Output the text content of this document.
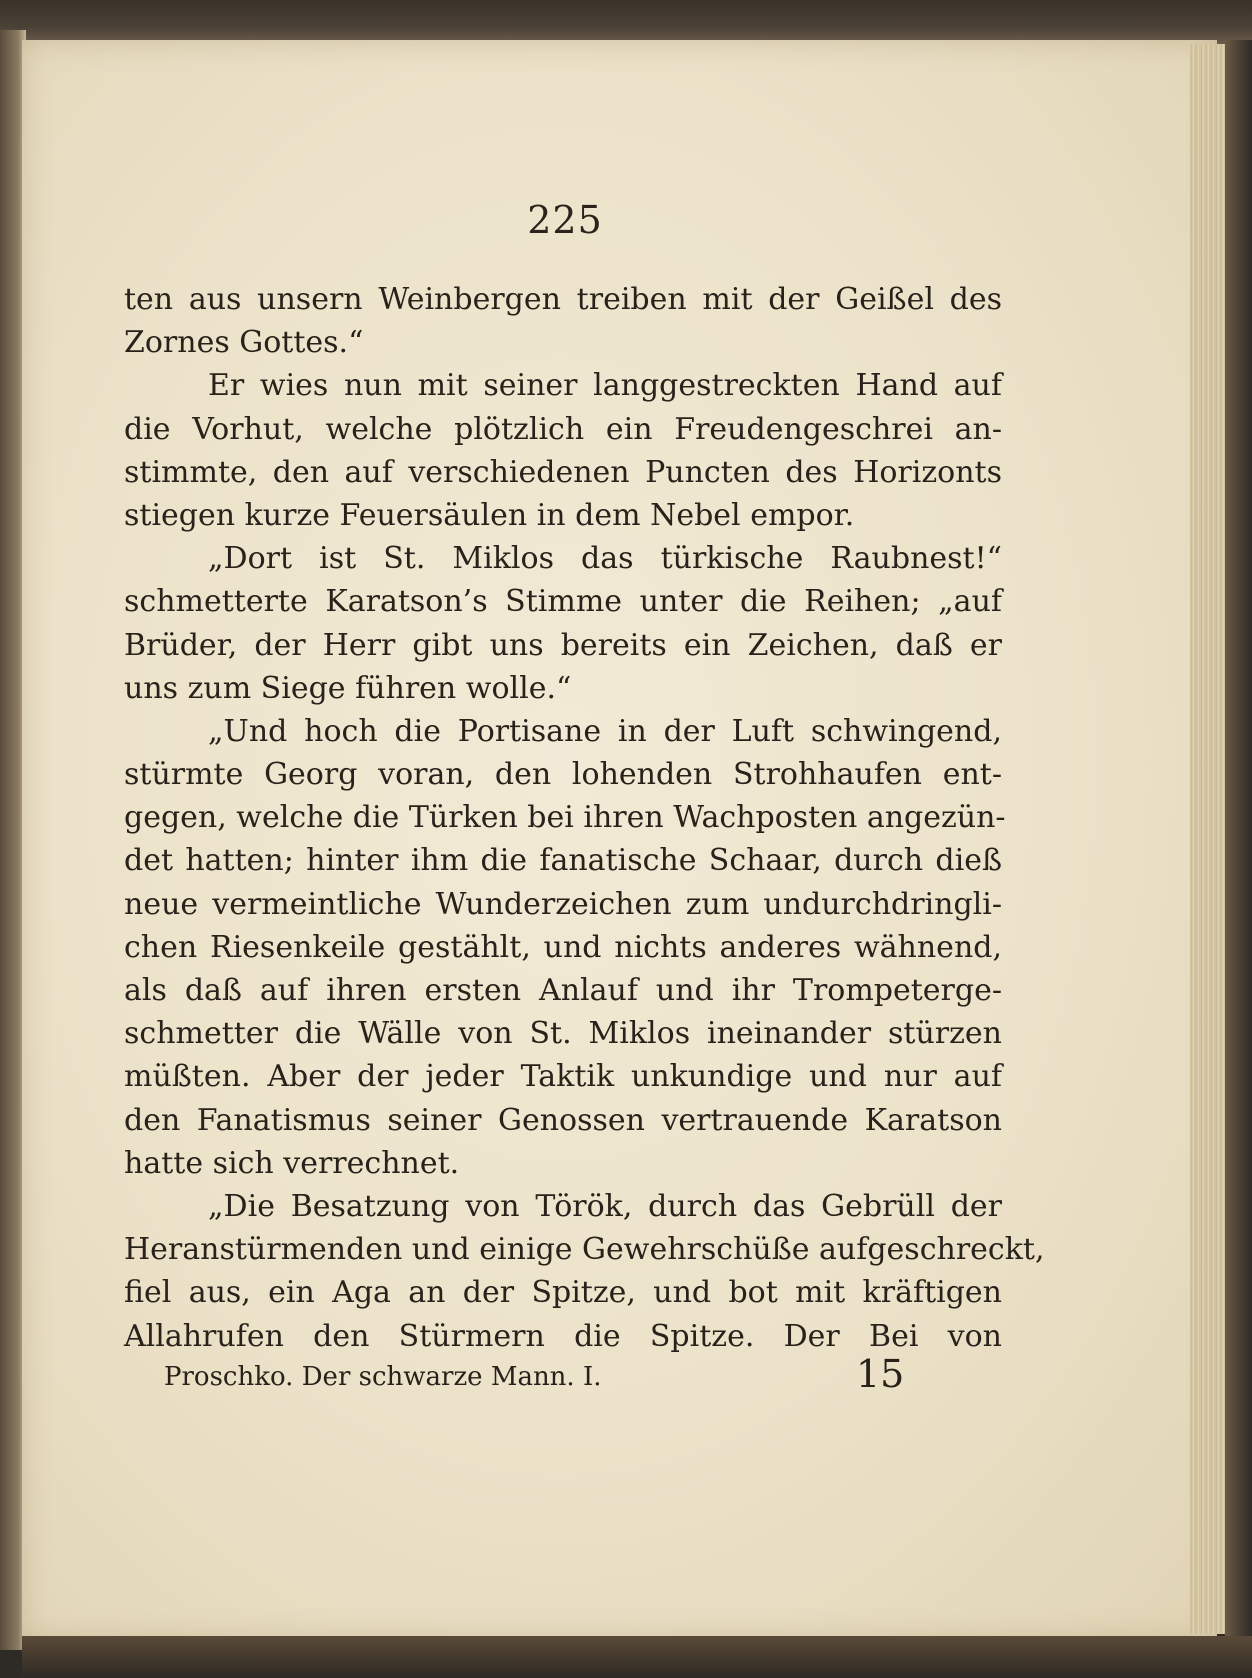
225
ten aus unsern Weinbergen treiben mit der Geißel des
Zornes Gottes.“
Er wies nun mit seiner langgestreckten Hand auf
die Vorhut, welche plötzlich ein Freudengeschrei an-
stimmte, den auf verschiedenen Puncten des Horizonts
stiegen kurze Feuersäulen in dem Nebel empor.
„Dort ist St. Miklos das türkische Raubnest!“
schmetterte Karatson’s Stimme unter die Reihen; „auf
Brüder, der Herr gibt uns bereits ein Zeichen, daß er
uns zum Siege führen wolle.“
„Und hoch die Portisane in der Luft schwingend,
stürmte Georg voran, den lohenden Strohhaufen ent-
gegen, welche die Türken bei ihren Wachposten angezün-
det hatten; hinter ihm die fanatische Schaar, durch dieß
neue vermeintliche Wunderzeichen zum undurchdringli-
chen Riesenkeile gestählt, und nichts anderes wähnend,
als daß auf ihren ersten Anlauf und ihr Trompeterge-
schmetter die Wälle von St. Miklos ineinander stürzen
müßten. Aber der jeder Taktik unkundige und nur auf
den Fanatismus seiner Genossen vertrauende Karatson
hatte sich verrechnet.
„Die Besatzung von Török, durch das Gebrüll der
Heranstürmenden und einige Gewehrschüße aufgeschreckt,
fiel aus, ein Aga an der Spitze, und bot mit kräftigen
Allahrufen den Stürmern die Spitze. Der Bei von
Proschko. Der schwarze Mann. I.	15
